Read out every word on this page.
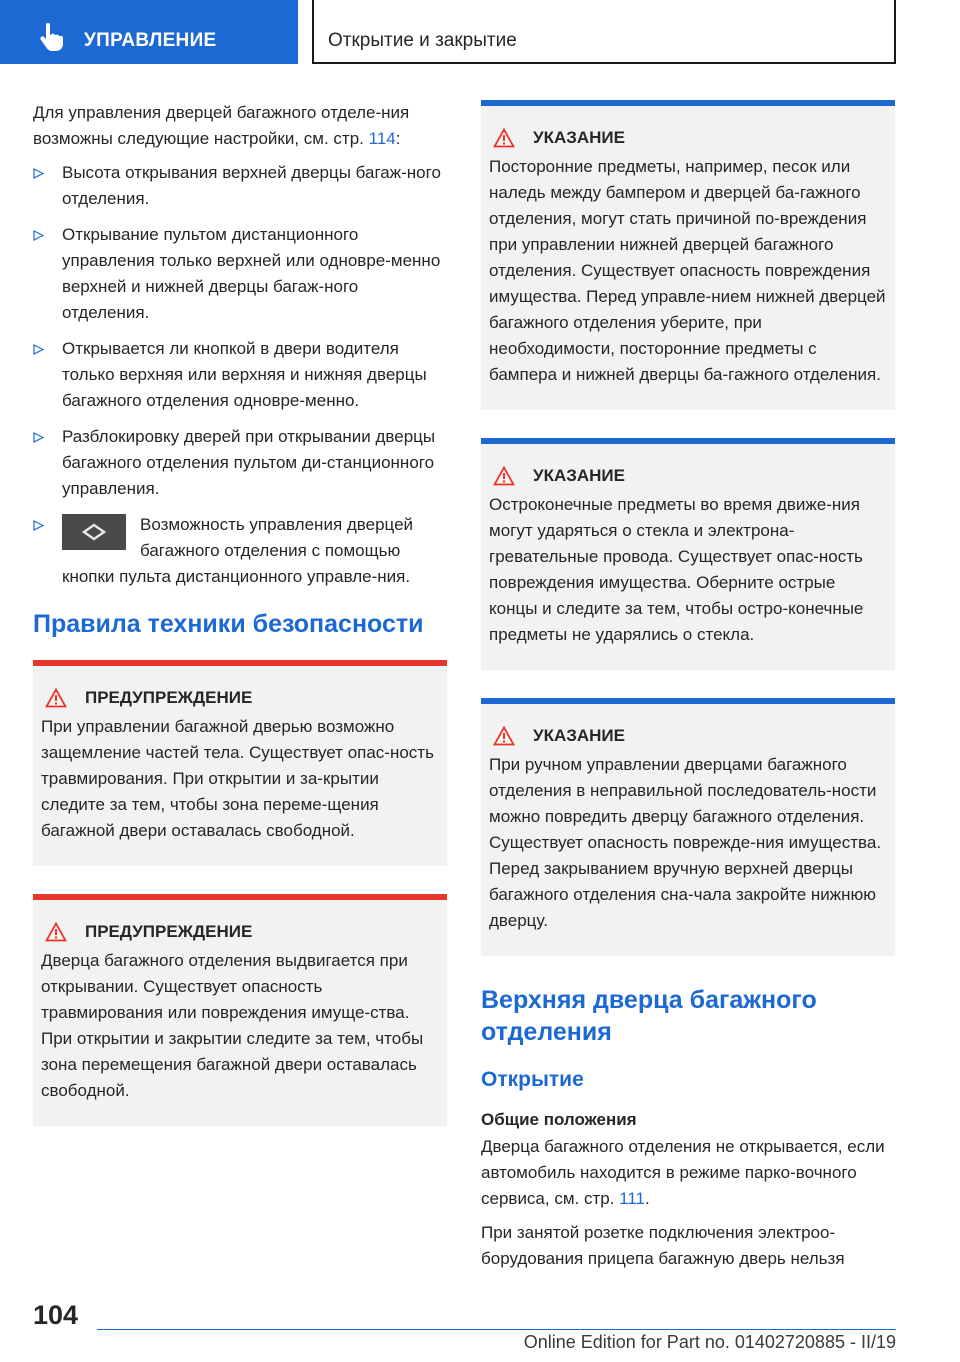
УПРАВЛЕНИЕ	Открытие и закрытие

Для управления дверцей багажного отделе-ния возможны следующие настройки, см. стр. 114:

Высота открывания верхней дверцы багаж-ного отделения.
Открывание пультом дистанционного управления только верхней или одновре-менно верхней и нижней дверцы багаж-ного отделения.
Открывается ли кнопкой в двери водителя только верхняя или верхняя и нижняя дверцы багажного отделения одновре-менно.
Разблокировку дверей при открывании дверцы багажного отделения пультом ди-станционного управления.
Возможность управления дверцей багажного отделения с помощью кнопки пульта дистанционного управле-ния.
Правила техники безопасности
ПРЕДУПРЕЖДЕНИЕ
При управлении багажной дверью возможно защемление частей тела. Существует опас-ность травмирования. При открытии и за-крытии следите за тем, чтобы зона переме-щения багажной двери оставалась свободной.
ПРЕДУПРЕЖДЕНИЕ
Дверца багажного отделения выдвигается при открывании. Существует опасность травмирования или повреждения имуще-ства. При открытии и закрытии следите за тем, чтобы зона перемещения багажной двери оставалась свободной.
УКАЗАНИЕ
Посторонние предметы, например, песок или наледь между бампером и дверцей ба-гажного отделения, могут стать причиной по-вреждения при управлении нижней дверцей багажного отделения. Существует опасность повреждения имущества. Перед управле-нием нижней дверцей багажного отделения уберите, при необходимости, посторонние предметы с бампера и нижней дверцы ба-гажного отделения.
УКАЗАНИЕ
Остроконечные предметы во время движе-ния могут ударяться о стекла и электрона-гревательные провода. Существует опас-ность повреждения имущества. Оберните острые концы и следите за тем, чтобы остро-конечные предметы не ударялись о стекла.
УКАЗАНИЕ
При ручном управлении дверцами багажного отделения в неправильной последователь-ности можно повредить дверцу багажного отделения. Существует опасность поврежде-ния имущества. Перед закрыванием вручную верхней дверцы багажного отделения сна-чала закройте нижнюю дверцу.
Верхняя дверца багажного отделения
Открытие
Общие положения

Дверца багажного отделения не открывается, если автомобиль находится в режиме парко-вочного сервиса, см. стр. 111.

При занятой розетке подключения электроо-борудования прицепа багажную дверь нельзя

104
Online Edition for Part no. 01402720885 - II/19
